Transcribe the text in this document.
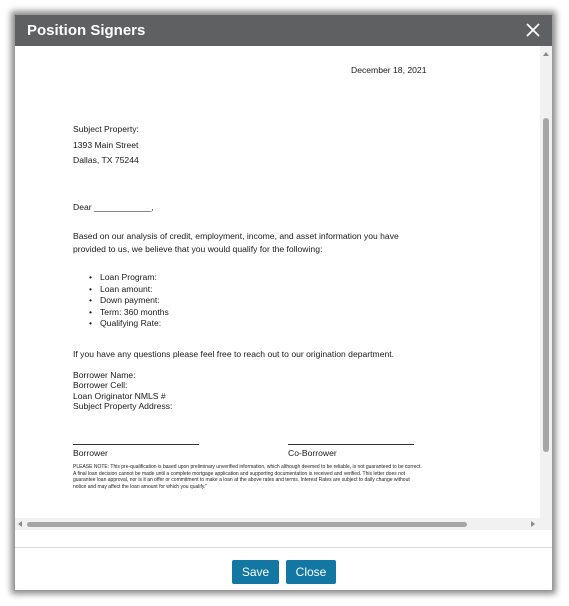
Position Signers
December 18, 2021
Subject Property:
1393 Main Street
Dallas, TX 75244
Dear ____________,
Based on our analysis of credit, employment, income, and asset information you have provided to us, we believe that you would qualify for the following:
• Loan Program:
• Loan amount:
• Down payment:
• Term: 360 months
• Qualifying Rate:
If you have any questions please feel free to reach out to our origination department.
Borrower Name:
Borrower Cell:
Loan Originator NMLS #
Subject Property Address:
Borrower	Co-Borrower
PLEASE NOTE: This pre-qualification is based upon preliminary unverified information, which although deemed to be reliable, is not guaranteed to be correct. A final loan decision cannot be made until a complete mortgage application and supporting documentation is received and verified. This letter does not guarantee loan approval, nor is it an offer or commitment to make a loan at the above rates and terms. Interest Rates are subject to daily change without notice and may affect the loan amount for which you qualify."
Save	Close
